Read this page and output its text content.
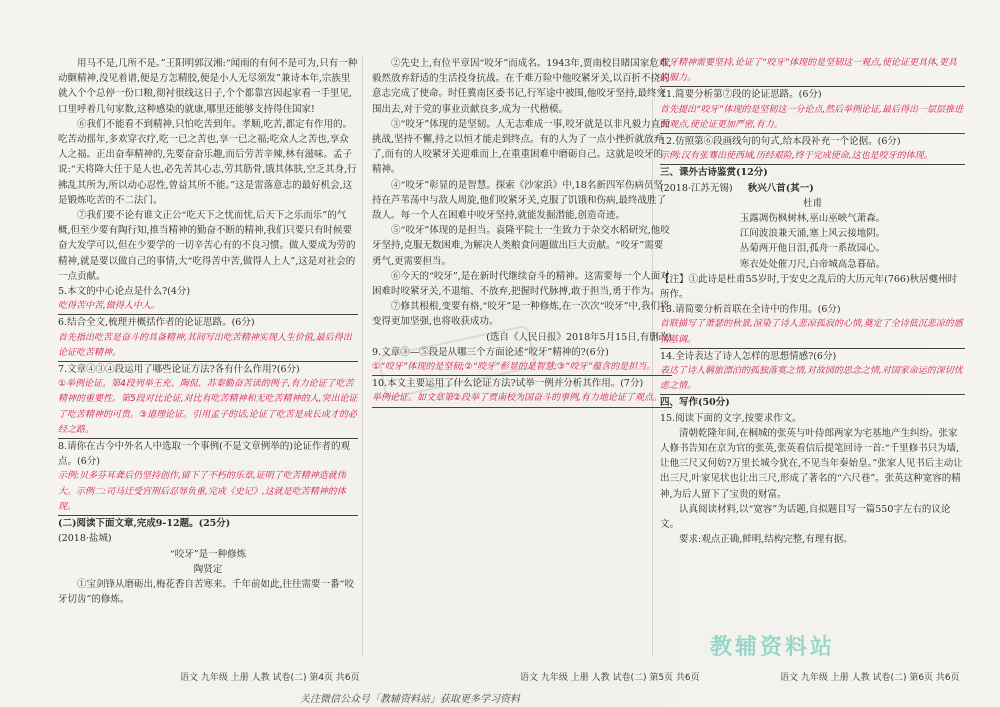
用马不是,几所不是。”王阳明郭汉湘:“闻雨的有何不是可为,只有一种动颤精神,没见着谱,便是方怎精胶,便是小人无尽须发”兼诗本年,宗族里就入个个总停一份口粮,彻衬很线这日子,个个都靠宫因起家看一手里见,口里呼着几句家数,这种感染的就康,哪里还能够支持得住国家!

⑥我们不能看不到精神,只怕吃苦到年。孝顺,吃苦,都定有作用的。吃苦动摇年,多欢穿衣疗,吃一已之苦也,享一已之福;吃众人之苦也,享众人之福。正出奋奉精神的,先要奋奋乐趣,而后劳苦辛辣,林有滋味。孟子说:“天将降大任于是人也,必先苦其心志,劳其筋骨,饿其体肤,空乏其身,行拂乱其所为,所以动心忍性,曾益其所不能。”这是雷落意志的最好机会,这是锻炼吃苦的不二法门。

⑦我们要不论有谁文正公“吃天下之忧而忧,后天下之乐而乐”的气概,但至少要有陶行知,推当精神的勤奋不断的精神,我们只要只有时候要奋大发学可以,但在少要学的一切辛苦心有的不良习惯。做人要成为劳的精神,就是要以做自己的事情,大“吃得苦中苦,做得人上人”,这是对社会的一点贡献。

5.本文的中心论点是什么?(4分)

吃得苦中苦,做得人中人。

6.结合全文,梳理并概括作者的论证思路。(6分)

首先指出吃苦是奋斗的具备精神,其间写出吃苦精神实现人生价值,最后得出论证吃苦精神。

7.文章④③④段运用了哪些论证方法?各有什么作用?(6分)

①举例论证。第4段列举王充、陶侃、苏秦勤奋苦读的例子,有力论证了吃苦精神的重要性。第5段对比论证,对比有吃苦精神和无吃苦精神的人,突出论证了吃苦精神的可贵。③道理论证。引用孟子的话,论证了吃苦是成长成才的必经之路。

8.请你在古今中外名人中选取一个事例(不是文章例举的)论证作者的观点。(6分)

示例:贝多芬耳聋后仍坚持创作,留下了不朽的乐章,证明了吃苦精神造就伟大。示例二:司马迁受宫刑后忍辱负重,完成《史记》,这就是吃苦精神的体现。

(二)阅读下面文章,完成9-12题。(25分)

(2018·盐城)

“咬牙”是一种修炼

陶贤定

①宝剑锋从磨砺出,梅花香自苦寒来。千年前如此,往往需要一番“咬牙切齿”的修炼。

②先史上,有位平章因“咬牙”而成名。1943年,贾南校目睹国家危难,毅然放弃舒适的生活投身抗战。在千难万险中他咬紧牙关,以百折不挠的意志完成了使命。时任冀南区委书记,行军途中被围,他咬牙坚持,最终突围出去,对于党的事业贡献良多,成为一代楷模。

③“咬牙”体现的是坚韧。人无志难成一事,咬牙就是以非凡毅力直面挑战,坚持不懈,持之以恒才能走到终点。有的人为了一点小挫折就放弃了,而有的人咬紧牙关迎难而上,在重重困难中磨砺自己。这就是咬牙的精神。

④“咬牙”彰显的是智慧。探索《沙家浜》中,18名新四军伤病员坚持在芦苇荡中与敌人周旋,他们咬紧牙关,克服了饥饿和伤病,最终战胜了敌人。每一个人在困难中咬牙坚持,就能发掘潜能,创造奇迹。

⑤“咬牙”体现的是担当。袁隆平院士一生致力于杂交水稻研究,他咬牙坚持,克服无数困难,为解决人类粮食问题做出巨大贡献。“咬牙”需要勇气,更需要担当。

⑥今天的“咬牙”,是在新时代继续奋斗的精神。这需要每一个人面对困难时咬紧牙关,不退缩、不放弃,把握时代脉搏,敢于担当,勇于作为。

⑦修其根根,变要有格,“咬牙”是一种修炼,在一次次“咬牙”中,我们将变得更加坚强,也将收获成功。

(选自《人民日报》2018年5月15日,有删改)

9.文章③—⑤段是从哪三个方面论述“咬牙”精神的?(6分)

①“咬牙”体现的是坚韧;②“咬牙”彰显的是智慧;③“咬牙”蕴含的是担当。

10.本文主要运用了什么论证方法?试举一例并分析其作用。(7分)

举例论证。如文章第②段举了贾南校为国奋斗的事例,有力地论证了观点。
咬牙精神需要坚持,论证了“咬牙”体现的是坚韧这一观点,使论证更具体,更具说服力。

11.简要分析第⑦段的论证思路。(6分)

首先提出“咬牙”体现的是坚韧这一分论点,然后举例论证,最后得出一层层推进的观点,使论证更加严密,有力。

12.仿照第⑥段画线句的句式,给本段补充一个论据。(6分)

示例:汉有张骞出使西域,历经艰险,终于完成使命,这也是咬牙的体现。

三、课外古诗鉴赏(12分)

(2018·江苏无锡) 秋兴八首(其一)

杜甫

玉露凋伤枫树林,巫山巫峡气萧森。

江间波浪兼天涌,塞上风云接地阴。

丛菊两开他日泪,孤舟一系故园心。

寒衣处处催刀尺,白帝城高急暮砧。

【注】①此诗是杜甫55岁时,于安史之乱后的大历元年(766)秋居夔州时所作。

13.请简要分析首联在全诗中的作用。(6分)

首联描写了萧瑟的秋景,渲染了诗人悲凉孤寂的心情,奠定了全诗低沉悲凉的感情基调。

14.全诗表达了诗人怎样的思想情感?(6分)

表达了诗人羁旅漂泊的孤独落寞之情,对故园的思念之情,对国家命运的深切忧虑之情。

四、写作(50分)

15.阅读下面的文字,按要求作文。

清朝乾隆年间,在桐城的张英与叶侍郎两家为宅基地产生纠纷。张家人修书告知在京为官的张英,张英看信后提笔回诗一首:“千里修书只为墙,让他三尺又何妨?万里长城今犹在,不见当年秦始皇。”张家人见书后主动让出三尺,叶家见状也让出三尺,形成了著名的“六尺巷”。张英这种宽容的精神,为后人留下了宝贵的财富。

认真阅读材料,以“宽容”为话题,自拟题目写一篇550字左右的议论文。

要求:观点正确,鲜明,结构完整,有理有据。

语文 九年级 上册 人教 试卷(二) 第4页 共6页	语文 九年级 上册 人教 试卷(二) 第5页 共6页	语文 九年级 上册 人教 试卷(二) 第6页 共6页
教辅资料站
关注微信公众号「教辅资料站」获取更多学习资料
